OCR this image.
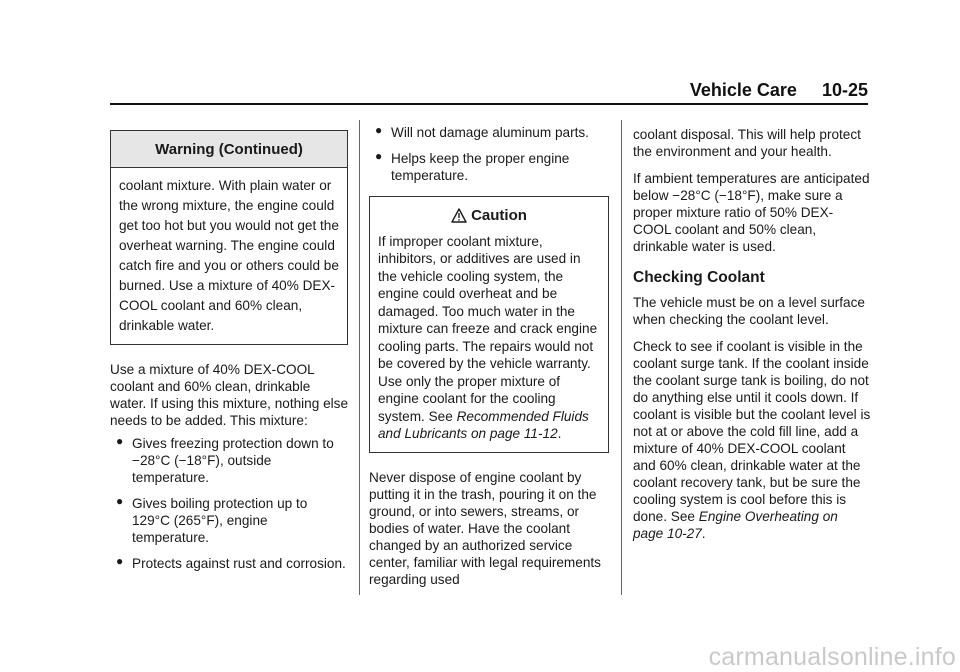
Vehicle Care 10-25
Warning (Continued)
coolant mixture. With plain water or the wrong mixture, the engine could get too hot but you would not get the overheat warning. The engine could catch fire and you or others could be burned. Use a mixture of 40% DEX-COOL coolant and 60% clean, drinkable water.

Use a mixture of 40% DEX-COOL coolant and 60% clean, drinkable water. If using this mixture, nothing else needs to be added. This mixture:

● Gives freezing protection down to −28°C (−18°F), outside temperature.
● Gives boiling protection up to 129°C (265°F), engine temperature.
● Protects against rust and corrosion.
● Will not damage aluminum parts.
● Helps keep the proper engine temperature.
Caution
If improper coolant mixture, inhibitors, or additives are used in the vehicle cooling system, the engine could overheat and be damaged. Too much water in the mixture can freeze and crack engine cooling parts. The repairs would not be covered by the vehicle warranty. Use only the proper mixture of engine coolant for the cooling system. See Recommended Fluids and Lubricants on page 11-12.

Never dispose of engine coolant by putting it in the trash, pouring it on the ground, or into sewers, streams, or bodies of water. Have the coolant changed by an authorized service center, familiar with legal requirements regarding used

coolant disposal. This will help protect the environment and your health.

If ambient temperatures are anticipated below −28°C (−18°F), make sure a proper mixture ratio of 50% DEX-COOL coolant and 50% clean, drinkable water is used.

Checking Coolant

The vehicle must be on a level surface when checking the coolant level.

Check to see if coolant is visible in the coolant surge tank. If the coolant inside the coolant surge tank is boiling, do not do anything else until it cools down. If coolant is visible but the coolant level is not at or above the cold fill line, add a mixture of 40% DEX-COOL coolant and 60% clean, drinkable water at the coolant recovery tank, but be sure the cooling system is cool before this is done. See Engine Overheating on page 10-27.

carmanualsonline.info
